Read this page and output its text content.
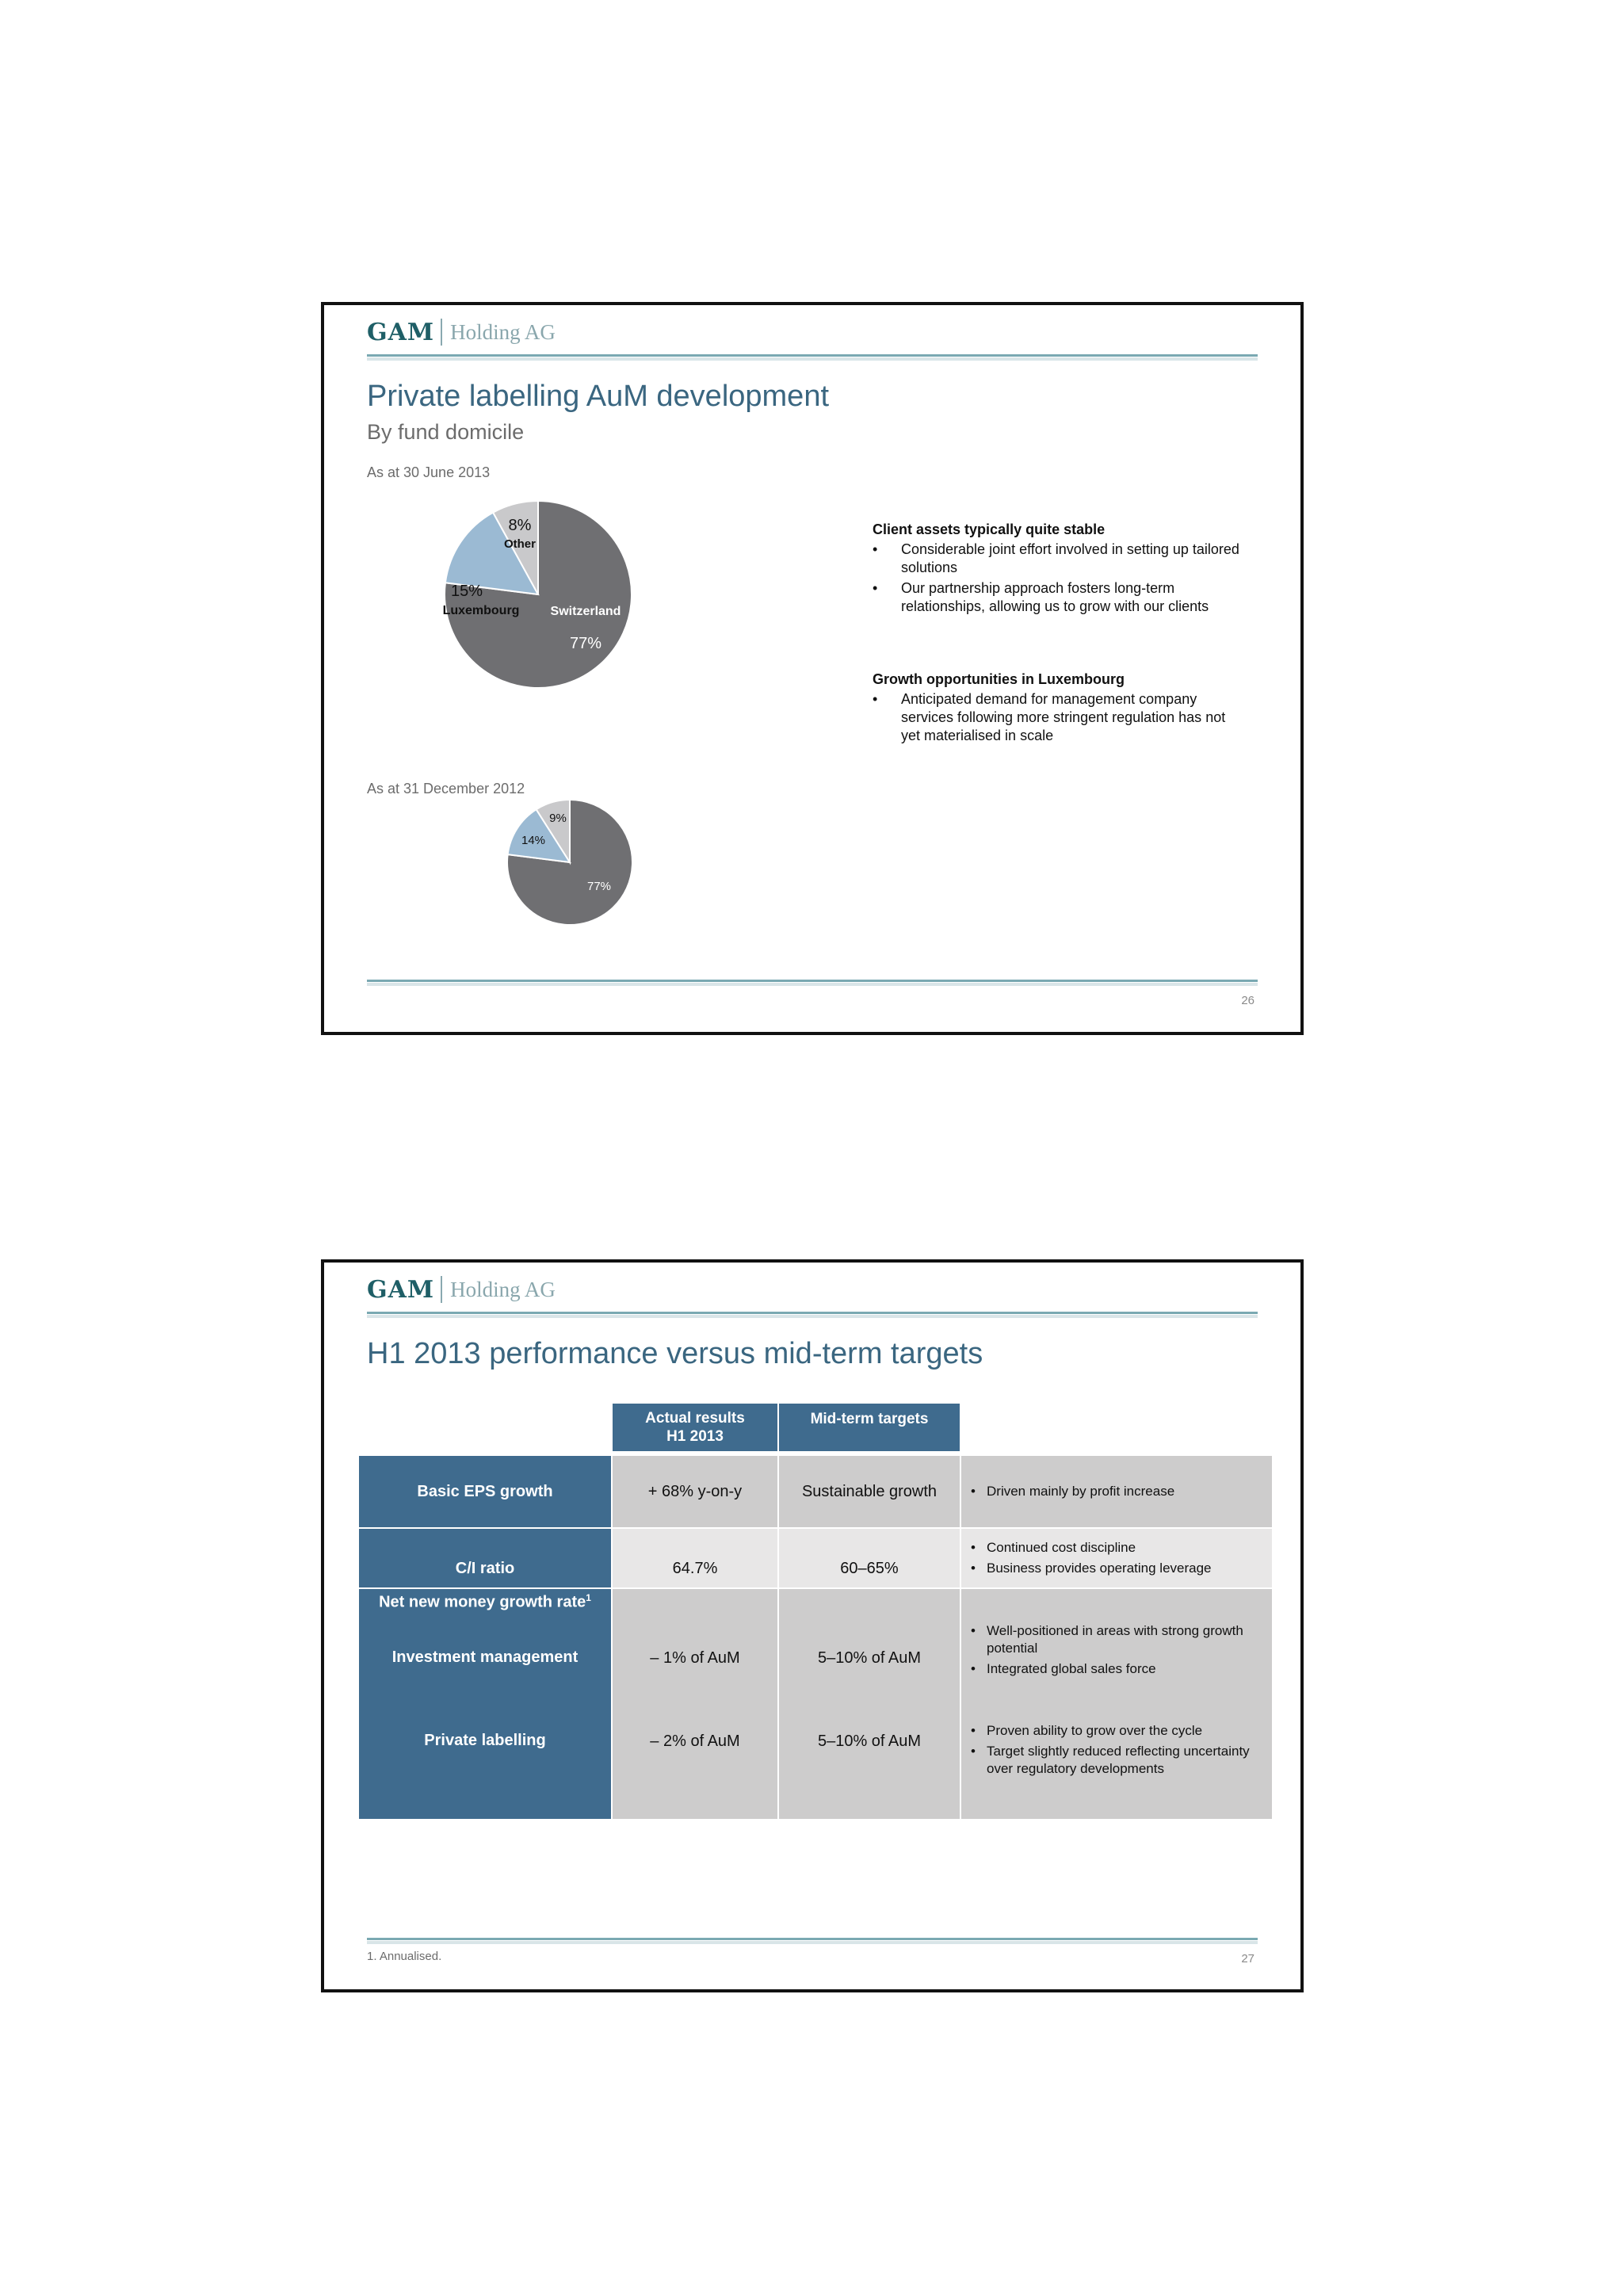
GAM Holding AG
Private labelling AuM development
By fund domicile
As at 30 June 2013
Switzerland
77%
15%
Luxembourg
8%
Other
As at 31 December 2012
77%
14%
9%
Client assets typically quite stable
• Considerable joint effort involved in setting up tailored solutions
• Our partnership approach fosters long-term relationships, allowing us to grow with our clients
Growth opportunities in Luxembourg
• Anticipated demand for management company services following more stringent regulation has not yet materialised in scale
26
GAM Holding AG
H1 2013 performance versus mid-term targets
Actual results
H1 2013
Mid-term targets
Basic EPS growth	+ 68% y-on-y	Sustainable growth
•	Driven mainly by profit increase
C/I ratio	64.7%	60–65%
• Continued cost discipline
• Business provides operating leverage
Net new money growth rate$^1$
Investment management	– 1% of AuM	5–10% of AuM
• Well-positioned in areas with strong growth potential
• Integrated global sales force
Private labelling	– 2% of AuM	5–10% of AuM
• Proven ability to grow over the cycle
• Target slightly reduced reflecting uncertainty over regulatory developments
1. Annualised.	27
